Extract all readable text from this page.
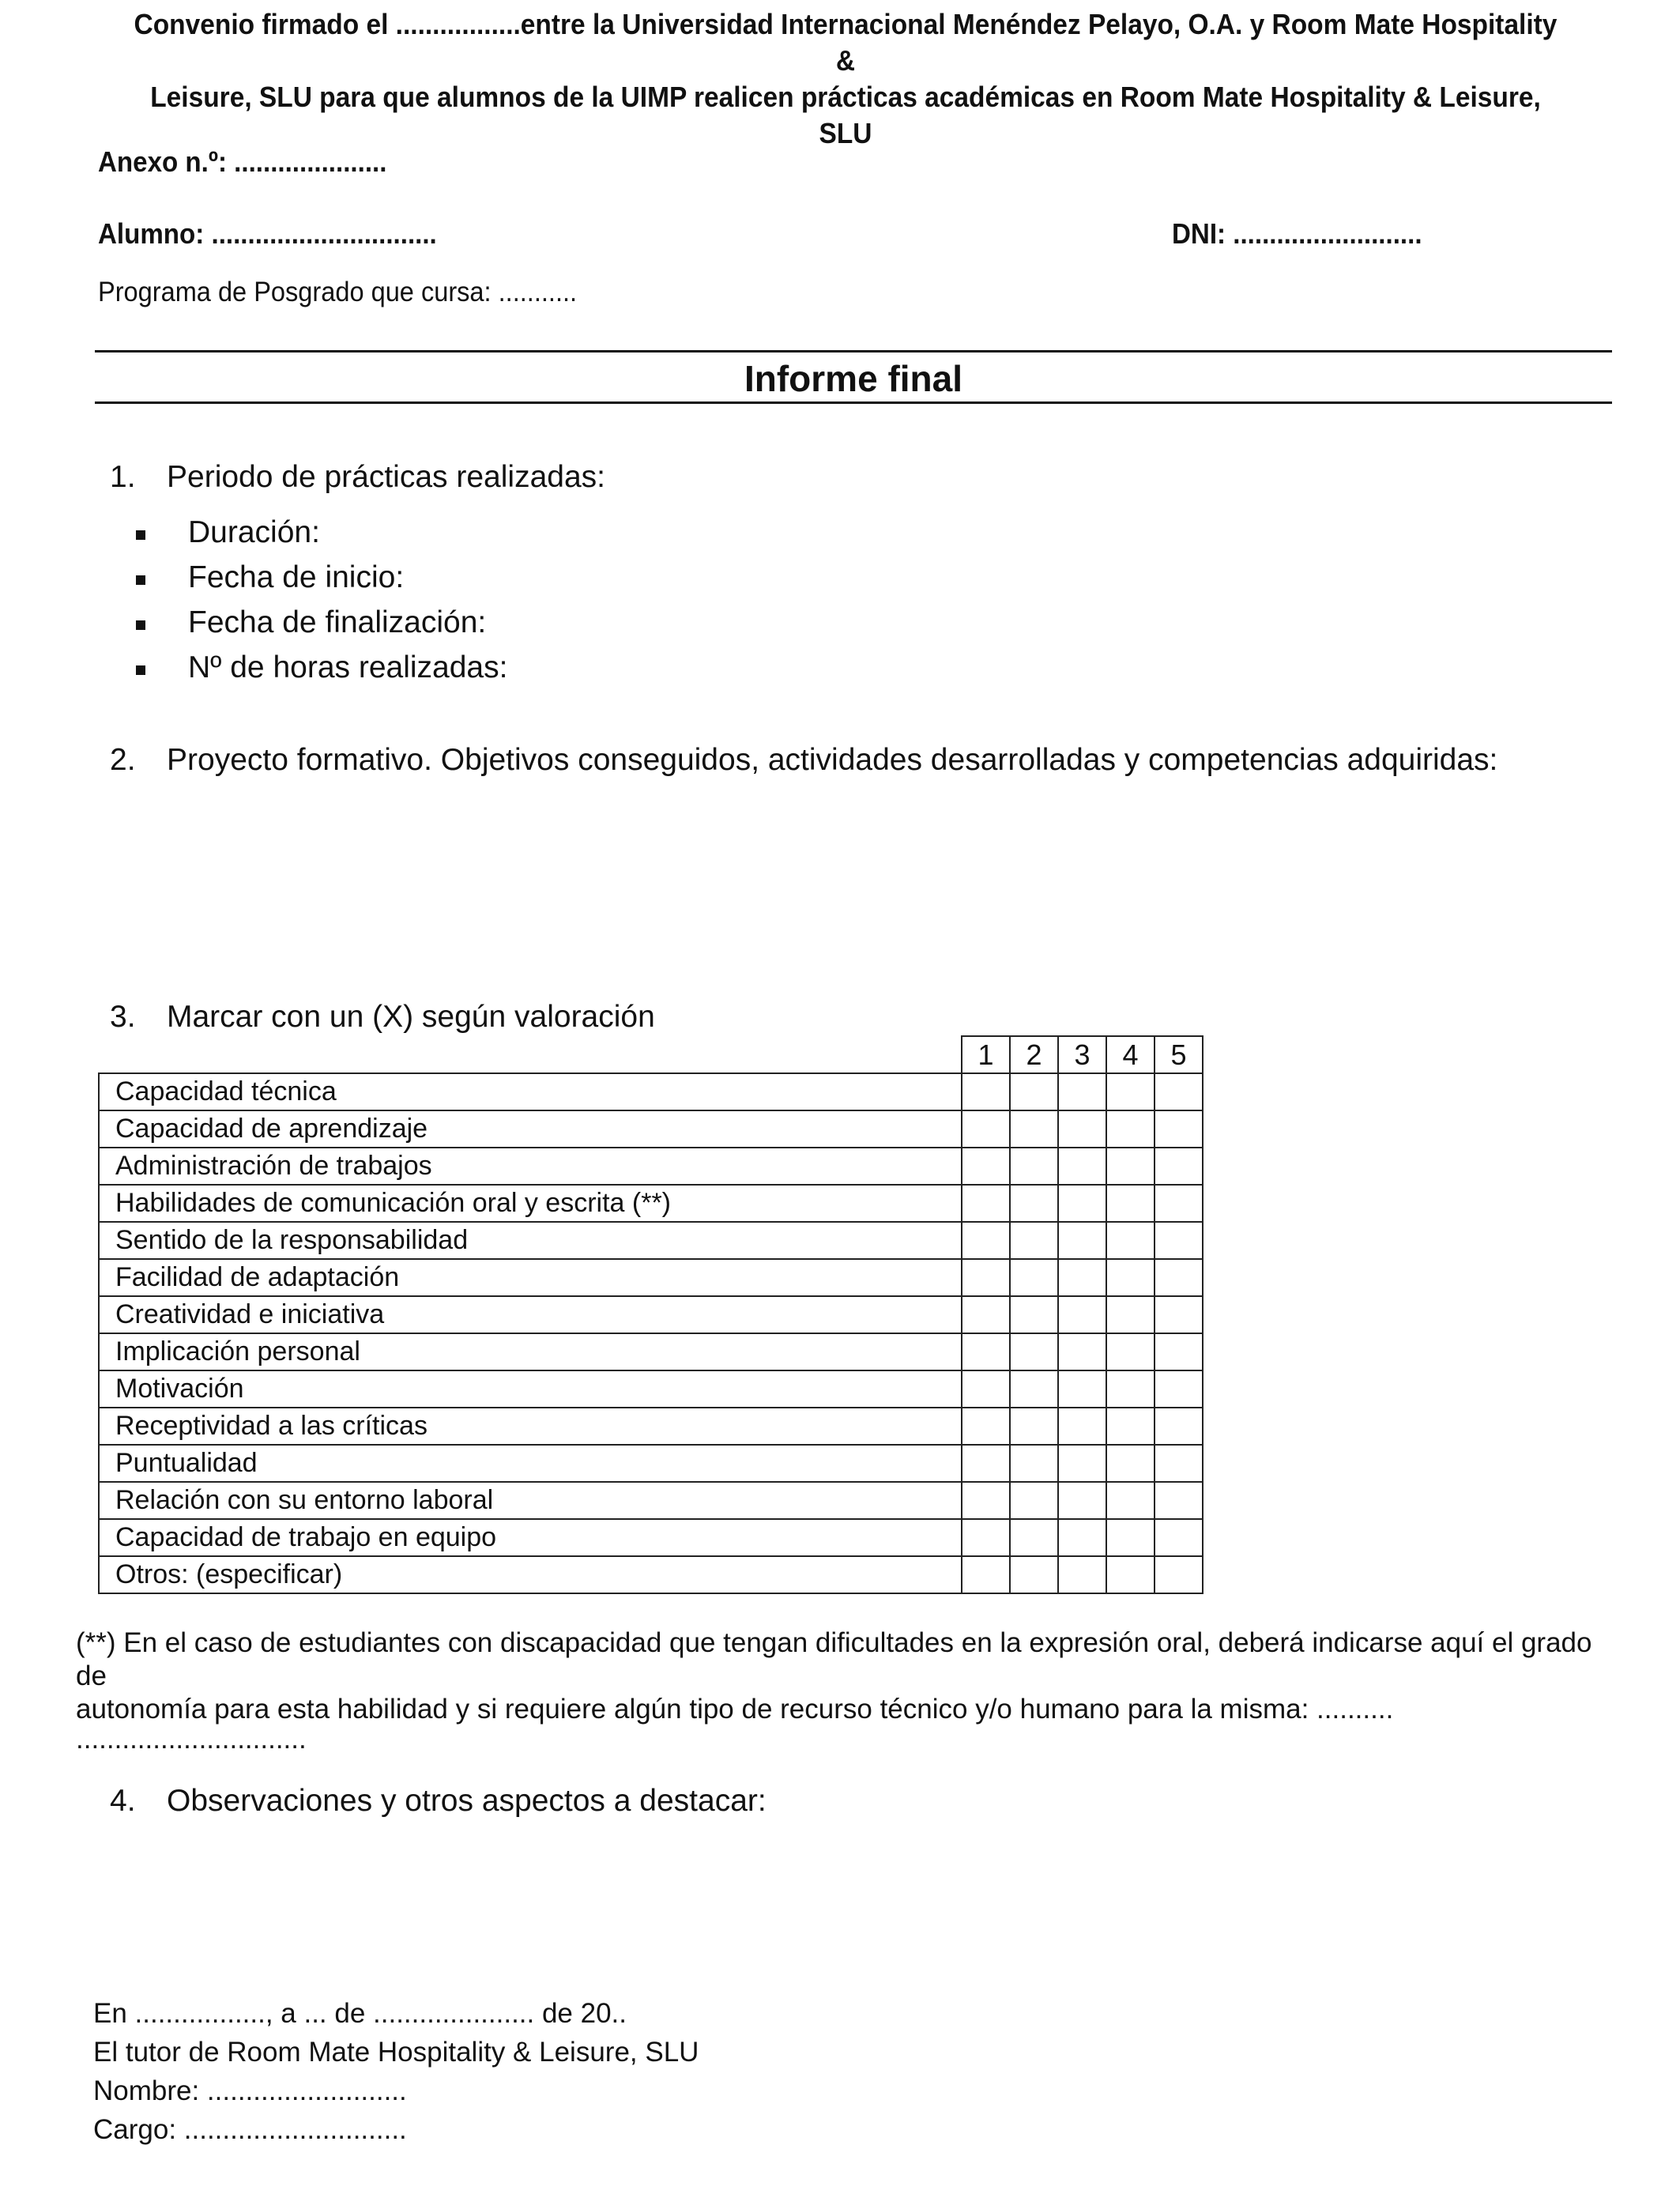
Convenio firmado el .................entre la Universidad Internacional Menéndez Pelayo, O.A. y Room Mate Hospitality &
Leisure, SLU para que alumnos de la UIMP realicen prácticas académicas en Room Mate Hospitality & Leisure, SLU
Anexo n.º: .....................
Alumno: ...............................	DNI: ..........................
Programa de Posgrado que cursa: ...........
Informe final
1. Periodo de prácticas realizadas:
Duración:
Fecha de inicio:
Fecha de finalización:
Nº de horas realizadas:
2. Proyecto formativo. Objetivos conseguidos, actividades desarrolladas y competencias adquiridas:
3. Marcar con un (X) según valoración
	1	2	3	4	5
Capacidad técnica					
Capacidad de aprendizaje					
Administración de trabajos					
Habilidades de comunicación oral y escrita (**)					
Sentido de la responsabilidad					
Facilidad de adaptación					
Creatividad e iniciativa					
Implicación personal					
Motivación					
Receptividad a las críticas					
Puntualidad					
Relación con su entorno laboral					
Capacidad de trabajo en equipo					
Otros: (especificar)					
(**) En el caso de estudiantes con discapacidad que tengan dificultades en la expresión oral, deberá indicarse aquí el grado de
autonomía para esta habilidad y si requiere algún tipo de recurso técnico y/o humano para la misma: ..........
..............................
4. Observaciones y otros aspectos a destacar:
En ................., a ... de ..................... de 20..
El tutor de Room Mate Hospitality & Leisure, SLU
Nombre: ..........................
Cargo: .............................
